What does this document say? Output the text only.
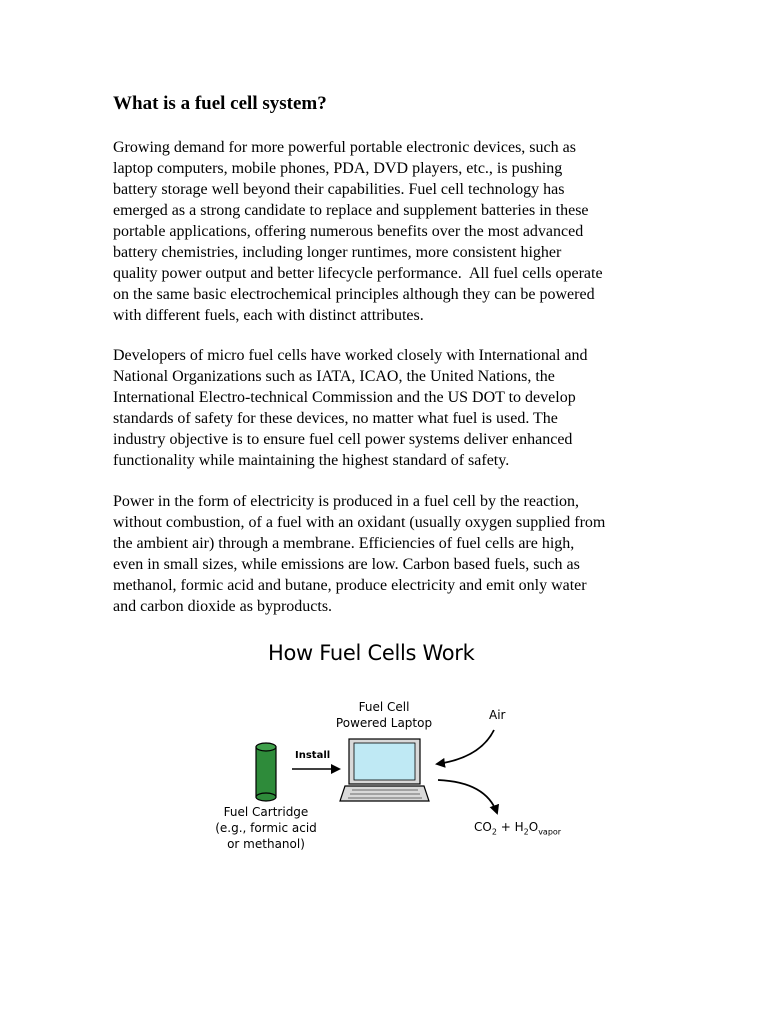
What is a fuel cell system?

Growing demand for more powerful portable electronic devices, such as
laptop computers, mobile phones, PDA, DVD players, etc., is pushing
battery storage well beyond their capabilities. Fuel cell technology has
emerged as a strong candidate to replace and supplement batteries in these
portable applications, offering numerous benefits over the most advanced
battery chemistries, including longer runtimes, more consistent higher
quality power output and better lifecycle performance.  All fuel cells operate
on the same basic electrochemical principles although they can be powered
with different fuels, each with distinct attributes.

Developers of micro fuel cells have worked closely with International and
National Organizations such as IATA, ICAO, the United Nations, the
International Electro-technical Commission and the US DOT to develop
standards of safety for these devices, no matter what fuel is used. The
industry objective is to ensure fuel cell power systems deliver enhanced
functionality while maintaining the highest standard of safety.

Power in the form of electricity is produced in a fuel cell by the reaction,
without combustion, of a fuel with an oxidant (usually oxygen supplied from
the ambient air) through a membrane. Efficiencies of fuel cells are high,
even in small sizes, while emissions are low. Carbon based fuels, such as
methanol, formic acid and butane, produce electricity and emit only water
and carbon dioxide as byproducts.

How Fuel Cells Work
Fuel Cell
Powered Laptop
Air
Install
Fuel Cartridge
(e.g., formic acid
or methanol)
$CO_2 + H_2O_{vapor}$
